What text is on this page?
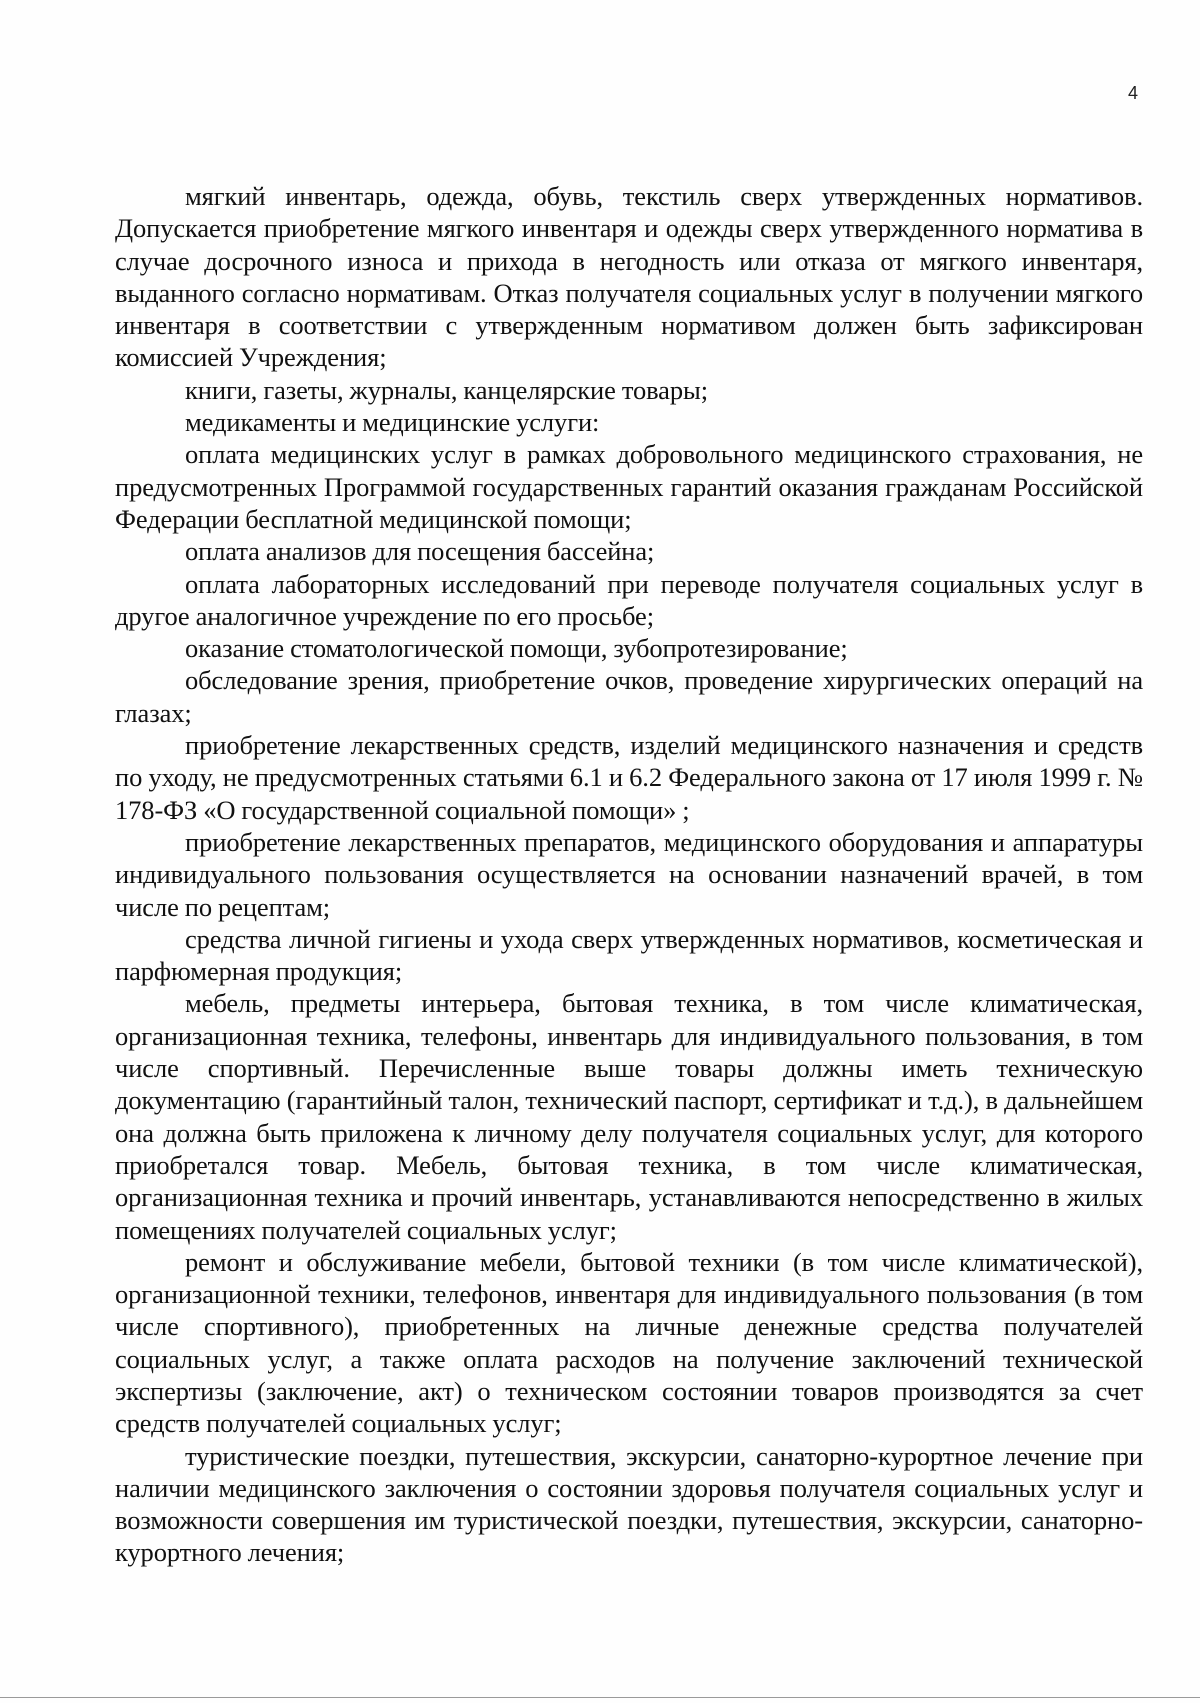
4

мягкий инвентарь, одежда, обувь, текстиль сверх утвержденных нормативов. Допускается приобретение мягкого инвентаря и одежды сверх утвержденного норматива в случае досрочного износа и прихода в негодность или отказа от мягкого инвентаря, выданного согласно нормативам. Отказ получателя социальных услуг в получении мягкого инвентаря в соответствии с утвержденным нормативом должен быть зафиксирован комиссией Учреждения;

книги, газеты, журналы, канцелярские товары;

медикаменты и медицинские услуги:

оплата медицинских услуг в рамках добровольного медицинского страхования, не предусмотренных Программой государственных гарантий оказания гражданам Российской Федерации бесплатной медицинской помощи;

оплата анализов для посещения бассейна;

оплата лабораторных исследований при переводе получателя социальных услуг в другое аналогичное учреждение по его просьбе;

оказание стоматологической помощи, зубопротезирование;

обследование зрения, приобретение очков, проведение хирургических операций на глазах;

приобретение лекарственных средств, изделий медицинского назначения и средств по уходу, не предусмотренных статьями 6.1 и 6.2 Федерального закона от 17 июля 1999 г. № 178-ФЗ «О государственной социальной помощи» ;

приобретение лекарственных препаратов, медицинского оборудования и аппаратуры индивидуального пользования осуществляется на основании назначений врачей, в том числе по рецептам;

средства личной гигиены и ухода сверх утвержденных нормативов, косметическая и парфюмерная продукция;

мебель, предметы интерьера, бытовая техника, в том числе климатическая, организационная техника, телефоны, инвентарь для индивидуального пользования, в том числе спортивный. Перечисленные выше товары должны иметь техническую документацию (гарантийный талон, технический паспорт, сертификат и т.д.), в дальнейшем она должна быть приложена к личному делу получателя социальных услуг, для которого приобретался товар. Мебель, бытовая техника, в том числе климатическая, организационная техника и прочий инвентарь, устанавливаются непосредственно в жилых помещениях получателей социальных услуг;

ремонт и обслуживание мебели, бытовой техники (в том числе климатической), организационной техники, телефонов, инвентаря для индивидуального пользования (в том числе спортивного), приобретенных на личные денежные средства получателей социальных услуг, а также оплата расходов на получение заключений технической экспертизы (заключение, акт) о техническом состоянии товаров производятся за счет средств получателей социальных услуг;

туристические поездки, путешествия, экскурсии, санаторно-курортное лечение при наличии медицинского заключения о состоянии здоровья получателя социальных услуг и возможности совершения им туристической поездки, путешествия, экскурсии, санаторно-курортного лечения;
